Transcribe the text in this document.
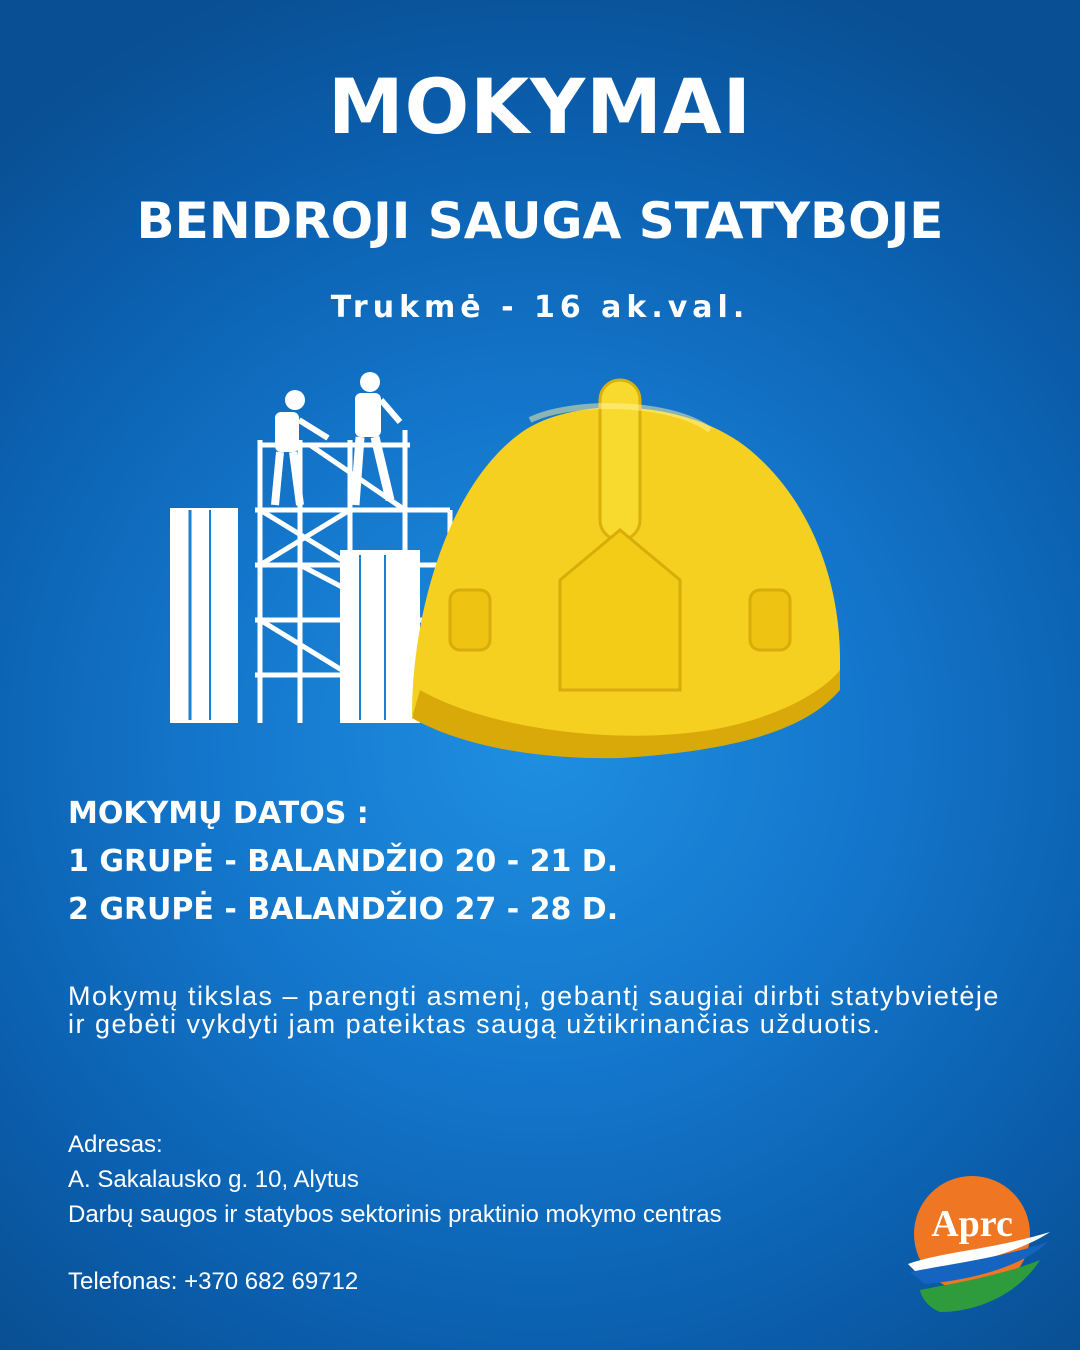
MOKYMAI
BENDROJI SAUGA STATYBOJE
Trukmė - 16 ak.val.
MOKYMŲ DATOS :
1 GRUPĖ - BALANDŽIO 20 - 21 D.
2 GRUPĖ - BALANDŽIO 27 - 28 D.
Mokymų tikslas – parengti asmenį, gebantį saugiai dirbti statybvietėje ir gebėti vykdyti jam pateiktas saugą užtikrinančias užduotis.
Adresas:
A. Sakalausko g. 10, Alytus
Darbų saugos ir statybos sektorinis praktinio mokymo centras
Telefonas: +370 682 69712
Aprc
